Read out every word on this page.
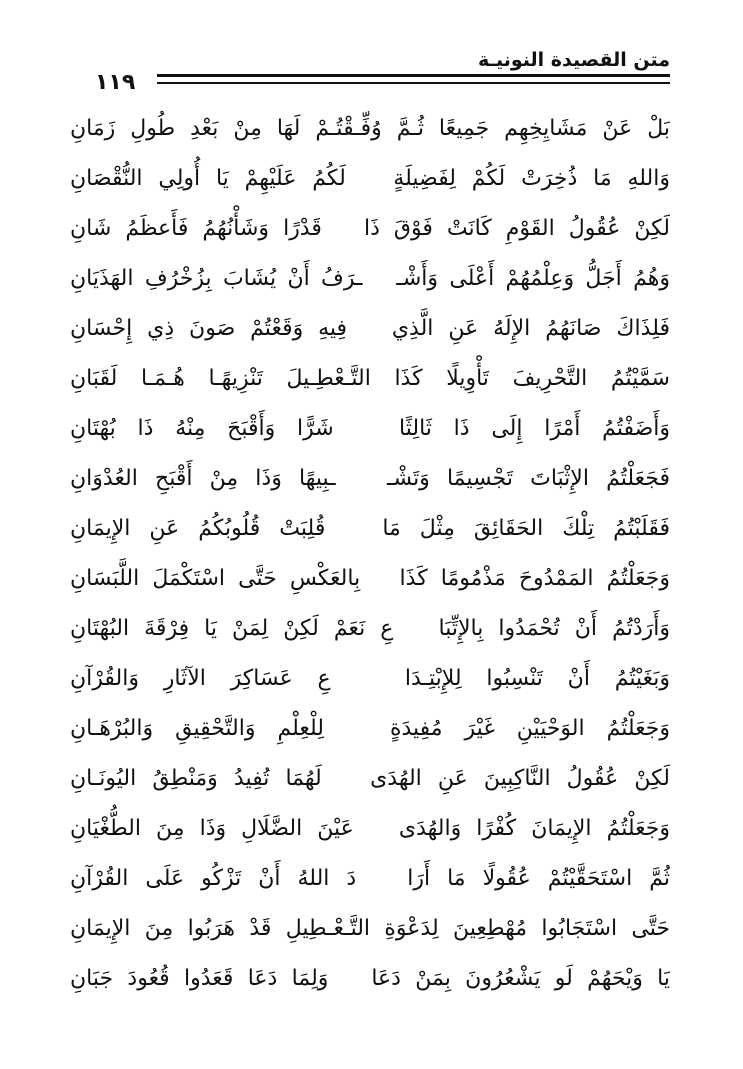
متن القصيدة النونيـة
١١٩
بَلْ عَنْ مَشَايِخِهِم جَمِيعًا ثُـمَّ وُفِّـقْتُـمْ لَهَا مِنْ بَعْدِ طُولِ زَمَانِ
وَاللهِ مَا ذُخِرَتْ لَكُمْ لِفَضِيلَةٍ   لَكُمُ عَلَيْهِمْ يَا أُولِي النُّقْصَانِ
لَكِنْ عُقُولُ القَوْمِ كَانَتْ فَوْقَ ذَا   قَدْرًا وَشَأْنُهُمُ فَأَعظَمُ شَانِ
وَهُمُ أَجَلُّ وَعِلْمُهُمْ أَعْلَى وَأَشْـ   ـرَفُ أَنْ يُشَابَ بِزُخْرُفِ الهَذَيَانِ
فَلِذَاكَ صَانَهُمُ الإِلَهُ عَنِ الَّذِي   فِيهِ وَقَعْتُمْ صَونَ ذِي إِحْسَانِ
سَمَّيْتُمُ التَّحْرِيفَ تَأْوِيلًا كَذَا التَّـعْطِـيلَ تَنْزِيهًـا هُـمَـا لَقَبَانِ
وَأَضَفْتُمُ أَمْرًا إِلَى ذَا ثَالِثًا   شَرًّا وَأَقْبَحَ مِنْهُ ذَا بُهْتَانِ
فَجَعَلْتُمُ الإِثْبَاتَ تَجْسِيمًا وَتَشْـ   ـبِيهًا وَذَا مِنْ أَقْبَحِ العُدْوَانِ
فَقَلَبْتُمُ تِلْكَ الحَقَائِقَ مِثْلَ مَا   قُلِبَتْ قُلُوبُكُمُ عَنِ الإِيمَانِ
وَجَعَلْتُمُ المَمْدُوحَ مَذْمُومًا كَذَا   بِالعَكْسِ حَتَّى اسْتَكْمَلَ اللَّبَسَانِ
وَأَرَدْتُمُ أَنْ تُحْمَدُوا بِالإِتِّبَا   عِ نَعَمْ لَكِنْ لِمَنْ يَا فِرْقَةَ البُهْتَانِ
وَبَغَيْتُمُ أَنْ تَنْسِبُوا لِلإِبْتِـدَا   عِ عَسَاكِرَ الآثَارِ وَالقُرْآنِ
وَجَعَلْتُمُ الوَحْيَيْنِ غَيْرَ مُفِيدَةٍ   لِلْعِلْمِ وَالتَّحْقِيقِ وَالبُرْهَـانِ
لَكِنْ عُقُولُ النَّاكِبِينَ عَنِ الهُدَى   لَهُمَا تُفِيدُ وَمَنْطِقُ اليُونَـانِ
وَجَعَلْتُمُ الإِيمَانَ كُفْرًا وَالهُدَى   عَيْنَ الضَّلَالِ وَذَا مِنَ الطُّغْيَانِ
ثُمَّ اسْتَحَقَّيْتُمْ عُقُولًا مَا أَرَا   دَ اللهُ أَنْ تَزْكُو عَلَى القُرْآنِ
حَتَّى اسْتَجَابُوا مُهْطِعِينَ لِدَعْوَةِ التَّـعْـطِيلِ قَدْ هَرَبُوا مِنَ الإِيمَانِ
يَا وَيْحَهُمْ لَو يَشْعُرُونَ بِمَنْ دَعَا   وَلِمَا دَعَا قَعَدُوا قُعُودَ جَبَانِ
